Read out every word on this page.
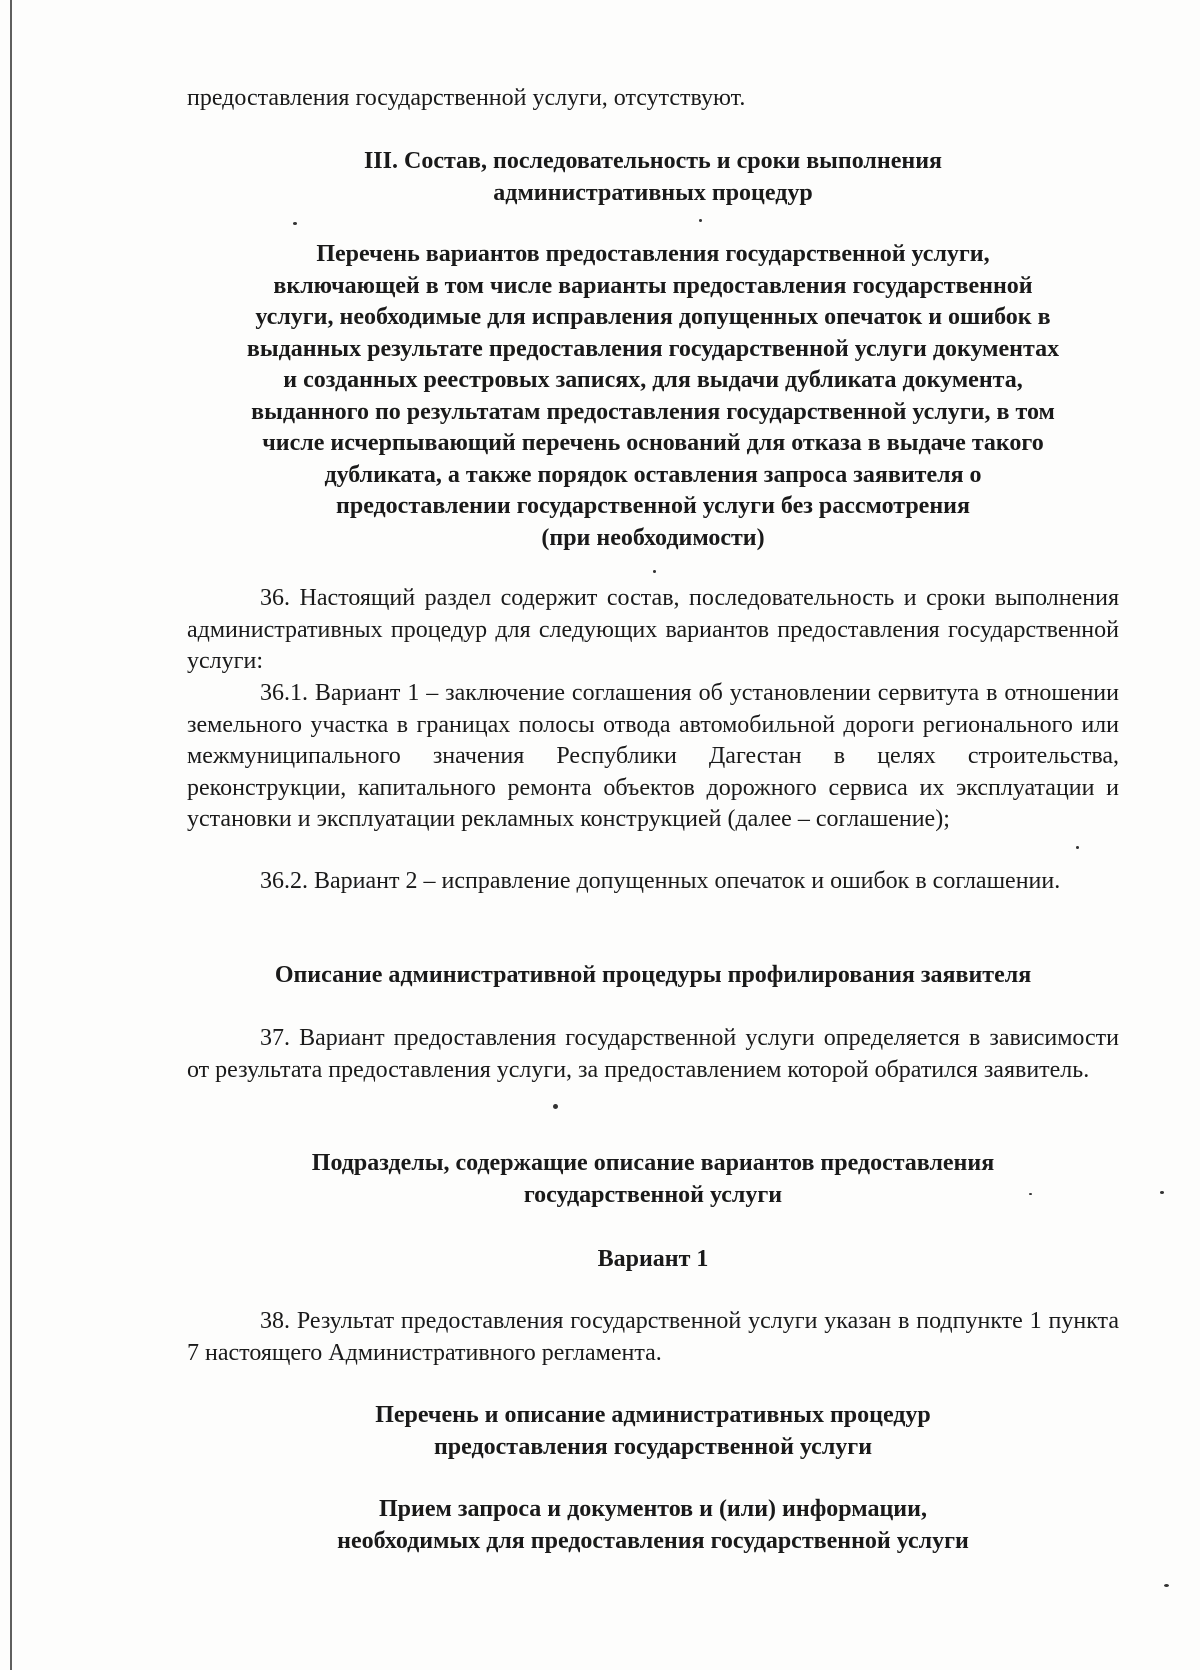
предоставления государственной услуги, отсутствуют.
III. Состав, последовательность и сроки выполнения
административных процедур
Перечень вариантов предоставления государственной услуги,
включающей в том числе варианты предоставления государственной
услуги, необходимые для исправления допущенных опечаток и ошибок в
выданных результате предоставления государственной услуги документах
и созданных реестровых записях, для выдачи дубликата документа,
выданного по результатам предоставления государственной услуги, в том
числе исчерпывающий перечень оснований для отказа в выдаче такого
дубликата, а также порядок оставления запроса заявителя о
предоставлении государственной услуги без рассмотрения
(при необходимости)
36. Настоящий раздел содержит состав, последовательность и сроки выполнения административных процедур для следующих вариантов предоставления государственной услуги:
36.1. Вариант 1 – заключение соглашения об установлении сервитута в отношении земельного участка в границах полосы отвода автомобильной дороги регионального или межмуниципального значения Республики Дагестан в целях строительства, реконструкции, капитального ремонта объектов дорожного сервиса их эксплуатации и установки и эксплуатации рекламных конструкцией (далее – соглашение);
36.2. Вариант 2 – исправление допущенных опечаток и ошибок в соглашении.
Описание административной процедуры профилирования заявителя
37. Вариант предоставления государственной услуги определяется в зависимости от результата предоставления услуги, за предоставлением которой обратился заявитель.
Подразделы, содержащие описание вариантов предоставления
государственной услуги
Вариант 1
38. Результат предоставления государственной услуги указан в подпункте 1 пункта 7 настоящего Административного регламента.
Перечень и описание административных процедур
предоставления государственной услуги
Прием запроса и документов и (или) информации,
необходимых для предоставления государственной услуги
